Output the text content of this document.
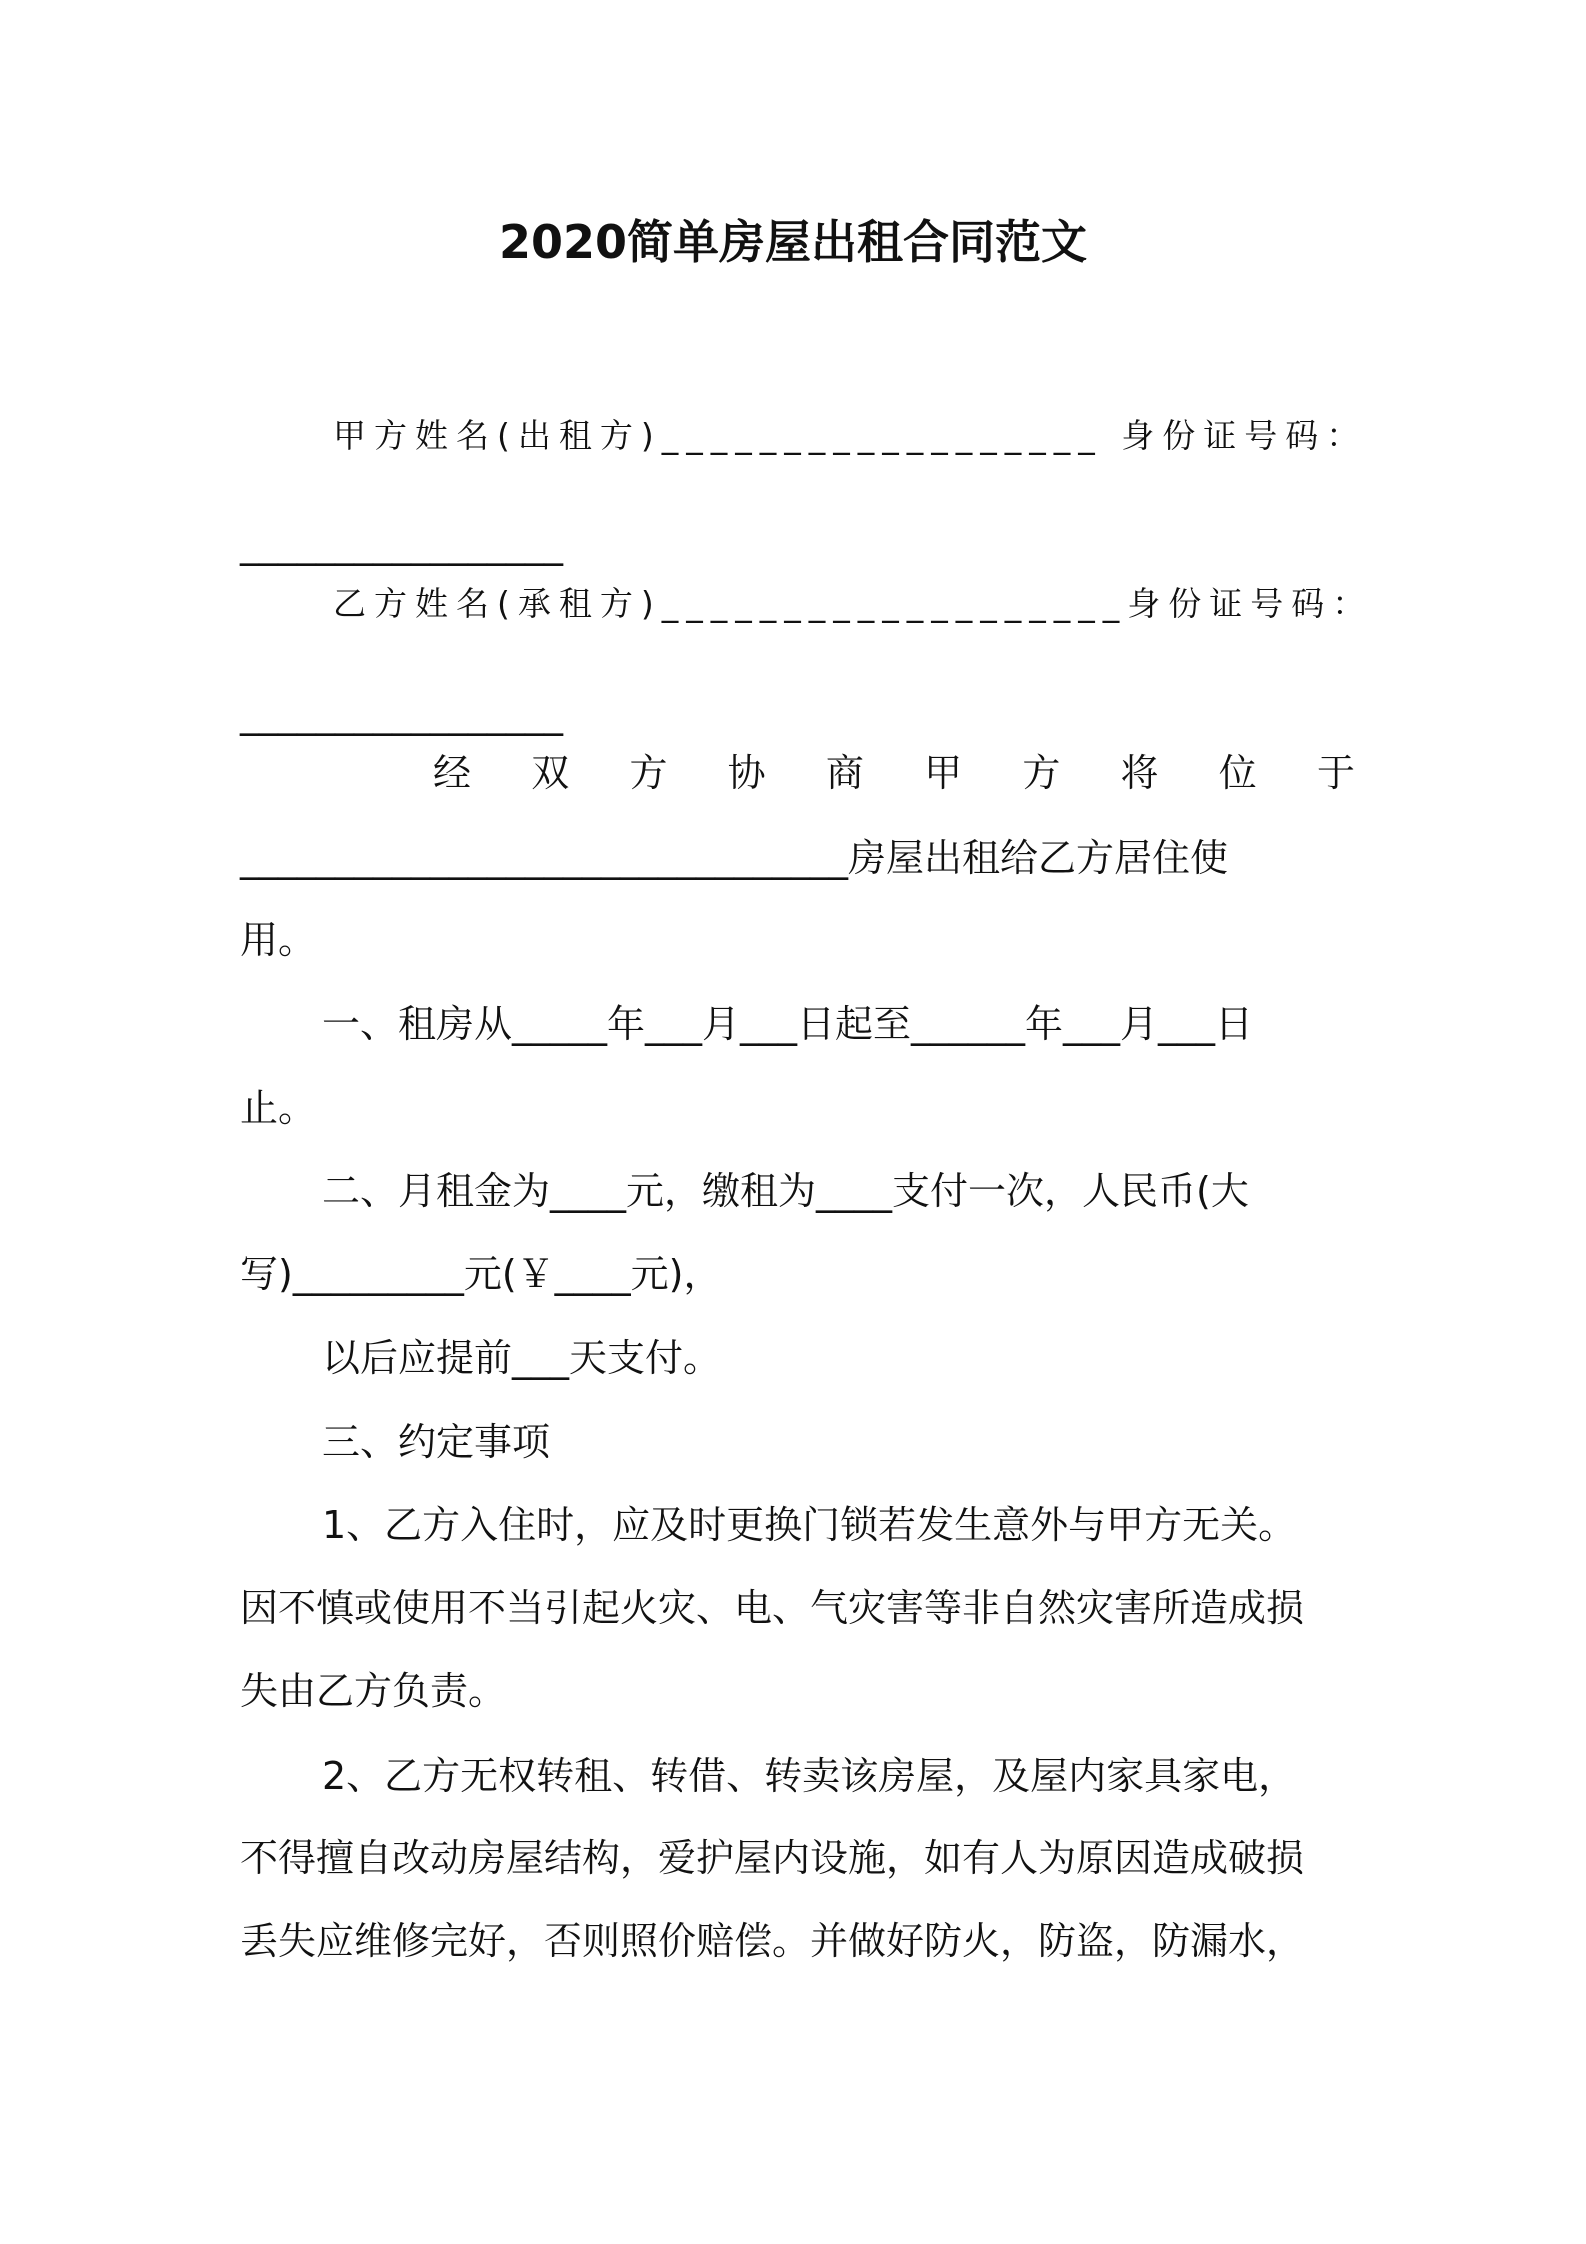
2020简单房屋出租合同范文
甲方姓名(出租方)__________________ 身份证号码：
_________________
乙方姓名(承租方)___________________身份证号码：
_________________
经 双 方 协 商 甲 方 将 位 于
________________________________房屋出租给乙方居住使
用。
一、租房从_____年___月___日起至______年___月___日
止。
二、月租金为____元，缴租为____支付一次，人民币(大
写)_________元(￥____元)，
以后应提前___天支付。
三、约定事项
1、乙方入住时，应及时更换门锁若发生意外与甲方无关。
因不慎或使用不当引起火灾、电、气灾害等非自然灾害所造成损
失由乙方负责。
2、乙方无权转租、转借、转卖该房屋，及屋内家具家电，
不得擅自改动房屋结构，爱护屋内设施，如有人为原因造成破损
丢失应维修完好，否则照价赔偿。并做好防火，防盗，防漏水，
